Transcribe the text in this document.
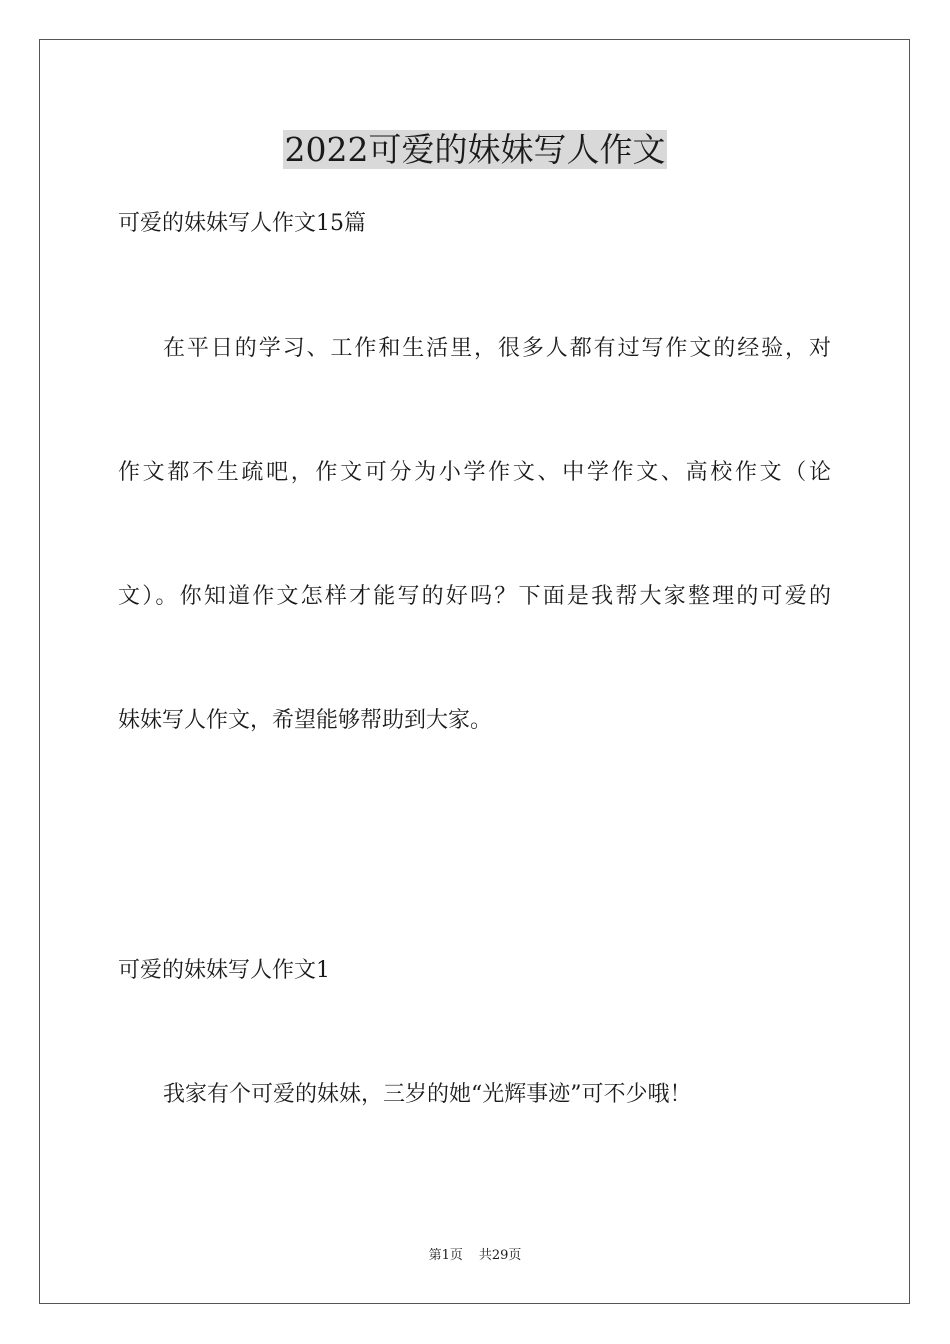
2022可爱的妹妹写人作文
可爱的妹妹写人作文15篇
在平日的学习、工作和生活里，很多人都有过写作文的经验，对
作文都不生疏吧，作文可分为小学作文、中学作文、高校作文（论
文）。你知道作文怎样才能写的好吗？下面是我帮大家整理的可爱的
妹妹写人作文，希望能够帮助到大家。
可爱的妹妹写人作文1
我家有个可爱的妹妹，三岁的她“光辉事迹”可不少哦！
第1页 共29页
